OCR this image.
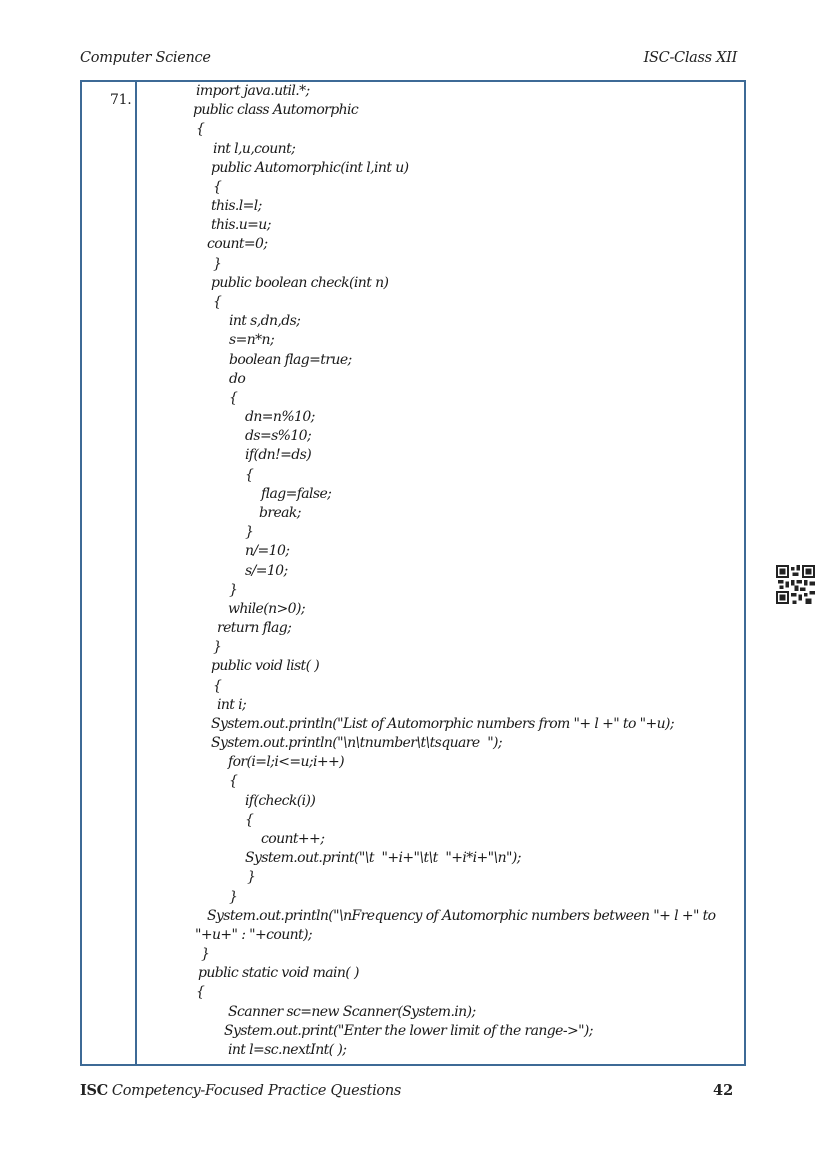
Computer Science	ISC-Class XII
71.
import java.util.*;
public class Automorphic
{
int l,u,count;
public Automorphic(int l,int u)
{
this.l=l;
this.u=u;
count=0;
}
public boolean check(int n)
{
int s,dn,ds;
s=n*n;
boolean flag=true;
do
{
dn=n%10;
ds=s%10;
if(dn!=ds)
{
flag=false;
break;
}
n/=10;
s/=10;
}
while(n>0);
return flag;
}
public void list( )
{
int i;
System.out.println("List of Automorphic numbers from "+ l +" to "+u);
System.out.println("\n\tnumber\t\tsquare  ");
for(i=l;i<=u;i++)
{
if(check(i))
{
count++;
System.out.print("\t  "+i+"\t\t  "+i*i+"\n");
}
}
System.out.println("\nFrequency of Automorphic numbers between "+ l +" to
"+u+" : "+count);
}
public static void main( )
{
Scanner sc=new Scanner(System.in);
System.out.print("Enter the lower limit of the range->");
int l=sc.nextInt( );
ISC Competency-Focused Practice Questions	42
